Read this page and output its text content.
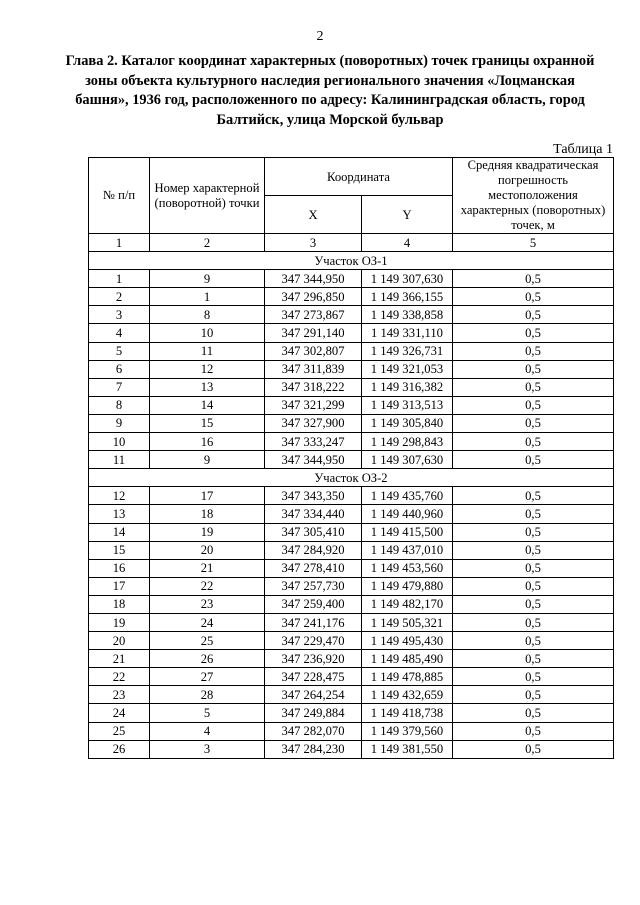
2
Глава 2. Каталог координат характерных (поворотных) точек границы охранной зоны объекта культурного наследия регионального значения «Лоцманская башня», 1936 год, расположенного по адресу: Калининградская область, город Балтийск, улица Морской бульвар
Таблица 1
№ п/п	Номер характерной (поворотной) точки	Координата		Средняя квадратическая погрешность местоположения характерных (поворотных) точек, м
		X	Y	
1	2	3	4	5
Участок ОЗ-1				
1	9	347 344,950	1 149 307,630	0,5
2	1	347 296,850	1 149 366,155	0,5
3	8	347 273,867	1 149 338,858	0,5
4	10	347 291,140	1 149 331,110	0,5
5	11	347 302,807	1 149 326,731	0,5
6	12	347 311,839	1 149 321,053	0,5
7	13	347 318,222	1 149 316,382	0,5
8	14	347 321,299	1 149 313,513	0,5
9	15	347 327,900	1 149 305,840	0,5
10	16	347 333,247	1 149 298,843	0,5
11	9	347 344,950	1 149 307,630	0,5
Участок ОЗ-2				
12	17	347 343,350	1 149 435,760	0,5
13	18	347 334,440	1 149 440,960	0,5
14	19	347 305,410	1 149 415,500	0,5
15	20	347 284,920	1 149 437,010	0,5
16	21	347 278,410	1 149 453,560	0,5
17	22	347 257,730	1 149 479,880	0,5
18	23	347 259,400	1 149 482,170	0,5
19	24	347 241,176	1 149 505,321	0,5
20	25	347 229,470	1 149 495,430	0,5
21	26	347 236,920	1 149 485,490	0,5
22	27	347 228,475	1 149 478,885	0,5
23	28	347 264,254	1 149 432,659	0,5
24	5	347 249,884	1 149 418,738	0,5
25	4	347 282,070	1 149 379,560	0,5
26	3	347 284,230	1 149 381,550	0,5
